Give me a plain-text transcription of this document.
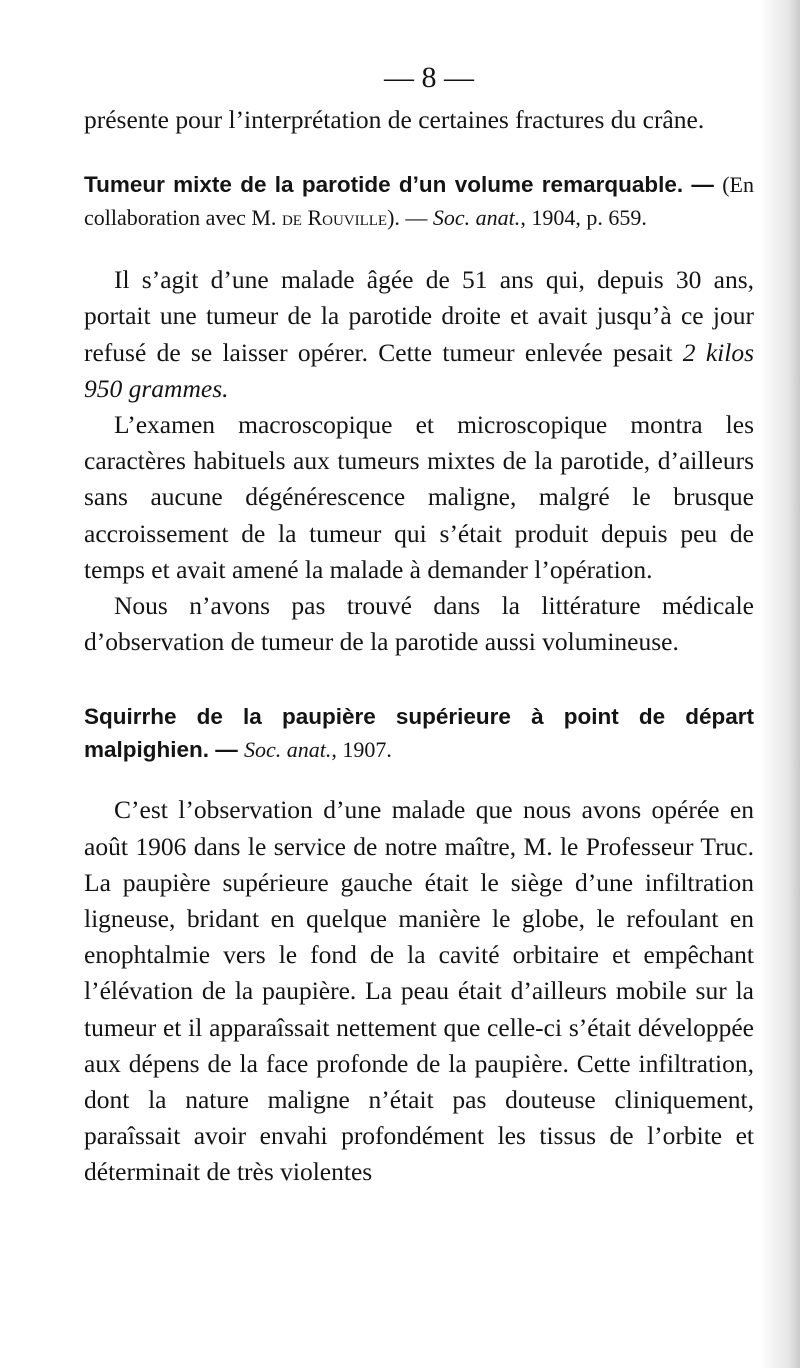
— 8 —

présente pour l’interprétation de certaines fractures du crâne.

Tumeur mixte de la parotide d’un volume remarquable. — (En collaboration avec M. de Rouville). — Soc. anat., 1904, p. 659.

Il s’agit d’une malade âgée de 51 ans qui, depuis 30 ans, portait une tumeur de la parotide droite et avait jusqu’à ce jour refusé de se laisser opérer. Cette tumeur enlevée pesait 2 kilos 950 grammes.

L’examen macroscopique et microscopique montra les caractères habituels aux tumeurs mixtes de la parotide, d’ailleurs sans aucune dégénérescence maligne, malgré le brusque accroissement de la tumeur qui s’était produit depuis peu de temps et avait amené la malade à demander l’opération.

Nous n’avons pas trouvé dans la littérature médicale d’observation de tumeur de la parotide aussi volumineuse.

Squirrhe de la paupière supérieure à point de départ malpighien. — Soc. anat., 1907.

C’est l’observation d’une malade que nous avons opérée en août 1906 dans le service de notre maître, M. le Professeur Truc. La paupière supérieure gauche était le siège d’une infiltration ligneuse, bridant en quelque manière le globe, le refoulant en enophtalmie vers le fond de la cavité orbitaire et empêchant l’élévation de la paupière. La peau était d’ailleurs mobile sur la tumeur et il apparaîssait nettement que celle-ci s’était développée aux dépens de la face profonde de la paupière. Cette infiltration, dont la nature maligne n’était pas douteuse cliniquement, paraîssait avoir envahi profondément les tissus de l’orbite et déterminait de très violentes
